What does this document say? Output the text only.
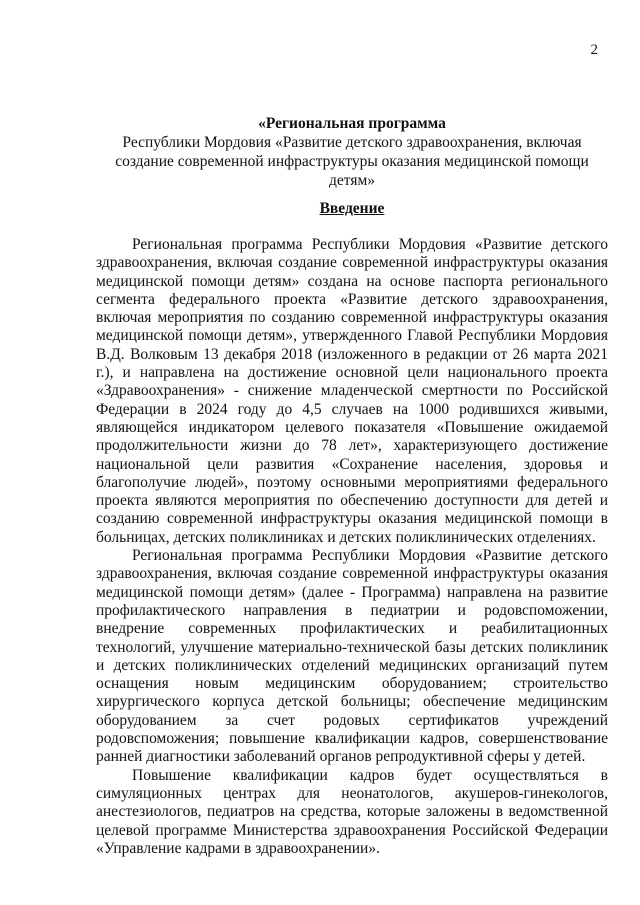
2
«Региональная программа
Республики Мордовия «Развитие детского здравоохранения, включая создание современной инфраструктуры оказания медицинской помощи детям»
Введение

Региональная программа Республики Мордовия «Развитие детского здравоохранения, включая создание современной инфраструктуры оказания медицинской помощи детям» создана на основе паспорта регионального сегмента федерального проекта «Развитие детского здравоохранения, включая мероприятия по созданию современной инфраструктуры оказания медицинской помощи детям», утвержденного Главой Республики Мордовия В.Д. Волковым 13 декабря 2018 (изложенного в редакции от 26 марта 2021 г.), и направлена на достижение основной цели национального проекта «Здравоохранения» - снижение младенческой смертности по Российской Федерации в 2024 году до 4,5 случаев на 1000 родившихся живыми, являющейся индикатором целевого показателя «Повышение ожидаемой продолжительности жизни до 78 лет», характеризующего достижение национальной цели развития «Сохранение населения, здоровья и благополучие людей», поэтому основными мероприятиями федерального проекта являются мероприятия по обеспечению доступности для детей и созданию современной инфраструктуры оказания медицинской помощи в больницах, детских поликлиниках и детских поликлинических отделениях.

Региональная программа Республики Мордовия «Развитие детского здравоохранения, включая создание современной инфраструктуры оказания медицинской помощи детям» (далее - Программа) направлена на развитие профилактического направления в педиатрии и родовспоможении, внедрение современных профилактических и реабилитационных технологий, улучшение материально-технической базы детских поликлиник и детских поликлинических отделений медицинских организаций путем оснащения новым медицинским оборудованием; строительство хирургического корпуса детской больницы; обеспечение медицинским оборудованием за счет родовых сертификатов учреждений родовспоможения; повышение квалификации кадров, совершенствование ранней диагностики заболеваний органов репродуктивной сферы у детей.

Повышение квалификации кадров будет осуществляться в симуляционных центрах для неонатологов, акушеров-гинекологов, анестезиологов, педиатров на средства, которые заложены в ведомственной целевой программе Министерства здравоохранения Российской Федерации «Управление кадрами в здравоохранении».
